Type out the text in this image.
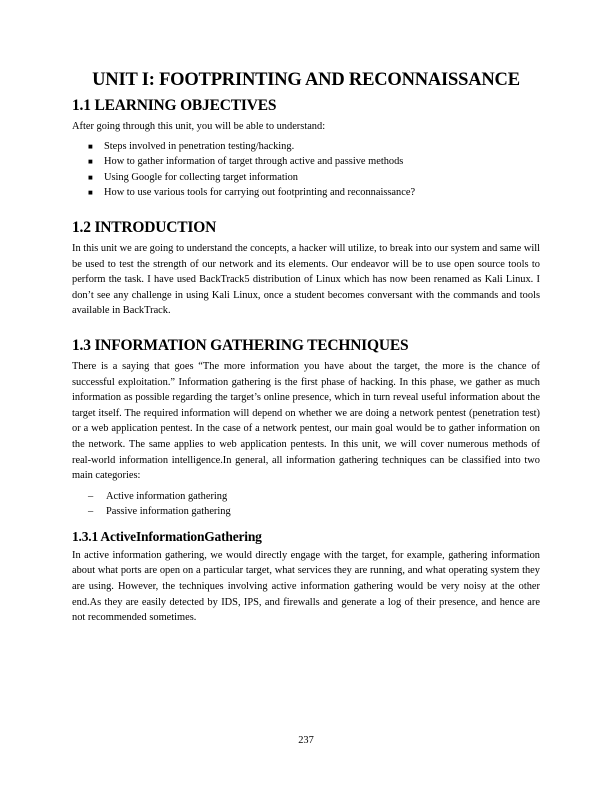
UNIT I: FOOTPRINTING AND RECONNAISSANCE
1.1 LEARNING OBJECTIVES

After going through this unit, you will be able to understand:

■ Steps involved in penetration testing/hacking.
■ How to gather information of target through active and passive methods
■ Using Google for collecting target information
■ How to use various tools for carrying out footprinting and reconnaissance?
1.2 INTRODUCTION

In this unit we are going to understand the concepts, a hacker will utilize, to break into our system and same will be used to test the strength of our network and its elements. Our endeavor will be to use open source tools to perform the task. I have used BackTrack5 distribution of Linux which has now been renamed as Kali Linux. I don’t see any challenge in using Kali Linux, once a student becomes conversant with the commands and tools available in BackTrack.

1.3 INFORMATION GATHERING TECHNIQUES

There is a saying that goes “The more information you have about the target, the more is the chance of successful exploitation.” Information gathering is the first phase of hacking. In this phase, we gather as much information as possible regarding the target’s online presence, which in turn reveal useful information about the target itself. The required information will depend on whether we are doing a network pentest (penetration test) or a web application pentest. In the case of a network pentest, our main goal would be to gather information on the network. The same applies to web application pentests. In this unit, we will cover numerous methods of real-world information intelligence.In general, all information gathering techniques can be classified into two main categories:

– Active information gathering
– Passive information gathering
1.3.1 ActiveInformationGathering

In active information gathering, we would directly engage with the target, for example, gathering information about what ports are open on a particular target, what services they are running, and what operating system they are using. However, the techniques involving active information gathering would be very noisy at the other end.As they are easily detected by IDS, IPS, and firewalls and generate a log of their presence, and hence are not recommended sometimes.

237
